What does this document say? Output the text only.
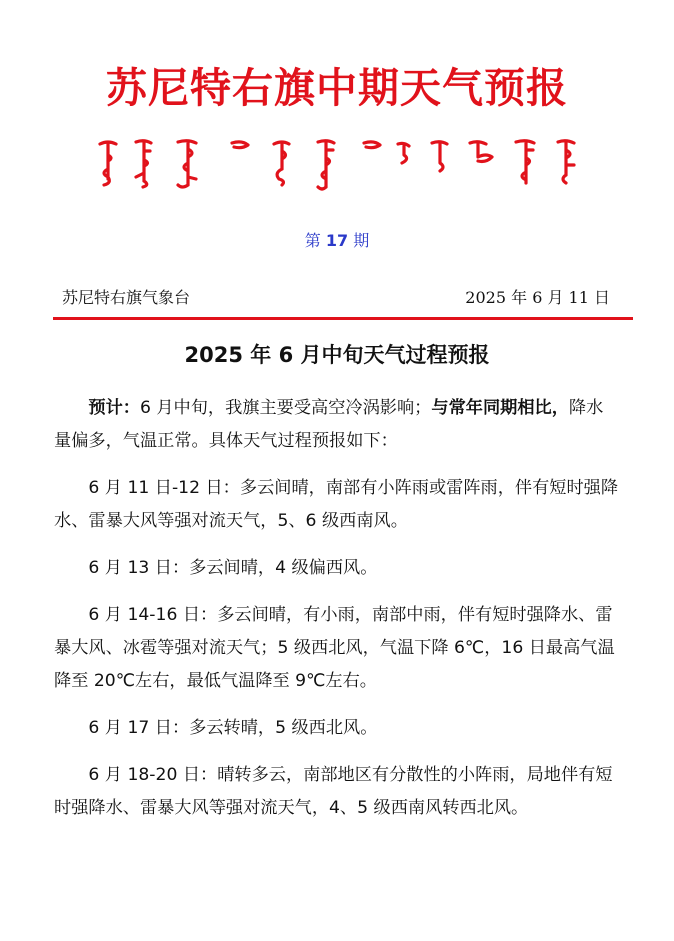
苏尼特右旗中期天气预报
第 17 期
苏尼特右旗气象台	2025 年 6 月 11 日
2025 年 6 月中旬天气过程预报

预计：6 月中旬，我旗主要受高空冷涡影响；与常年同期相比，降水量偏多，气温正常。具体天气过程预报如下：

6 月 11 日-12 日：多云间晴，南部有小阵雨或雷阵雨，伴有短时强降水、雷暴大风等强对流天气，5、6 级西南风。

6 月 13 日：多云间晴，4 级偏西风。

6 月 14-16 日：多云间晴，有小雨，南部中雨，伴有短时强降水、雷暴大风、冰雹等强对流天气；5 级西北风，气温下降 6℃，16 日最高气温降至 20℃左右，最低气温降至 9℃左右。

6 月 17 日：多云转晴，5 级西北风。

6 月 18-20 日：晴转多云，南部地区有分散性的小阵雨，局地伴有短时强降水、雷暴大风等强对流天气，4、5 级西南风转西北风。
